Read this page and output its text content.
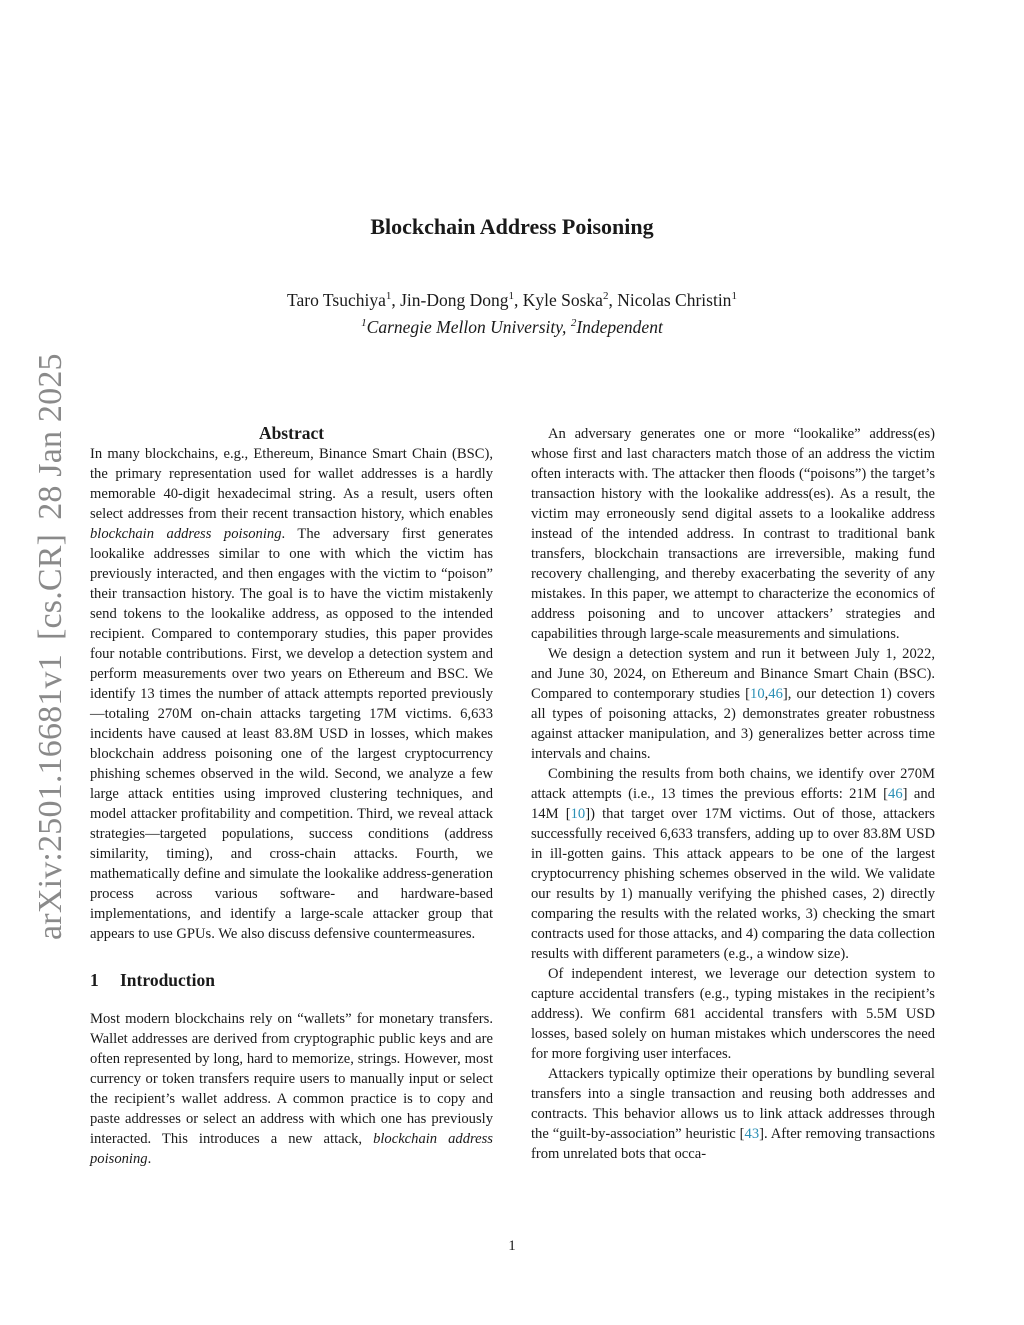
arXiv:2501.16681v1[cs.CR]28 Jan 2025
Blockchain Address Poisoning
Taro Tsuchiya$^1$, Jin-Dong Dong$^1$, Kyle Soska$^2$, Nicolas Christin$^1$
$^1$Carnegie Mellon University, $^2$Independent
Abstract

In many blockchains, e.g., Ethereum, Binance Smart Chain (BSC), the primary representation used for wallet addresses is a hardly memorable 40-digit hexadecimal string. As a result, users often select addresses from their recent transaction history, which enables blockchain address poisoning. The adversary first generates lookalike addresses similar to one with which the victim has previously interacted, and then engages with the victim to “poison” their transaction history. The goal is to have the victim mistakenly send tokens to the lookalike address, as opposed to the intended recipient. Compared to contemporary studies, this paper provides four notable contributions. First, we develop a detection system and perform measurements over two years on Ethereum and BSC. We identify 13 times the number of attack attempts reported previously—totaling 270M on-chain attacks targeting 17M victims. 6,633 incidents have caused at least 83.8M USD in losses, which makes blockchain address poisoning one of the largest cryptocurrency phishing schemes observed in the wild. Second, we analyze a few large attack entities using improved clustering techniques, and model attacker profitability and competition. Third, we reveal attack strategies—targeted populations, success conditions (address similarity, timing), and cross-chain attacks. Fourth, we mathematically define and simulate the lookalike address-generation process across various software- and hardware-based implementations, and identify a large-scale attacker group that appears to use GPUs. We also discuss defensive countermeasures.

1 Introduction

Most modern blockchains rely on “wallets” for monetary transfers. Wallet addresses are derived from cryptographic public keys and are often represented by long, hard to memorize, strings. However, most currency or token transfers require users to manually input or select the recipient’s wallet address. A common practice is to copy and paste addresses or select an address with which one has previously interacted. This introduces a new attack, blockchain address poisoning.

An adversary generates one or more “lookalike” address(es) whose first and last characters match those of an address the victim often interacts with. The attacker then floods (“poisons”) the target’s transaction history with the lookalike address(es). As a result, the victim may erroneously send digital assets to a lookalike address instead of the intended address. In contrast to traditional bank transfers, blockchain transactions are irreversible, making fund recovery challenging, and thereby exacerbating the severity of any mistakes. In this paper, we attempt to characterize the economics of address poisoning and to uncover attackers’ strategies and capabilities through large-scale measurements and simulations.

We design a detection system and run it between July 1, 2022, and June 30, 2024, on Ethereum and Binance Smart Chain (BSC). Compared to contemporary studies [10,46], our detection 1) covers all types of poisoning attacks, 2) demonstrates greater robustness against attacker manipulation, and 3) generalizes better across time intervals and chains.

Combining the results from both chains, we identify over 270M attack attempts (i.e., 13 times the previous efforts: 21M [46] and 14M [10]) that target over 17M victims. Out of those, attackers successfully received 6,633 transfers, adding up to over 83.8M USD in ill-gotten gains. This attack appears to be one of the largest cryptocurrency phishing schemes observed in the wild. We validate our results by 1) manually verifying the phished cases, 2) directly comparing the results with the related works, 3) checking the smart contracts used for those attacks, and 4) comparing the data collection results with different parameters (e.g., a window size).

Of independent interest, we leverage our detection system to capture accidental transfers (e.g., typing mistakes in the recipient’s address). We confirm 681 accidental transfers with 5.5M USD losses, based solely on human mistakes which underscores the need for more forgiving user interfaces.

Attackers typically optimize their operations by bundling several transfers into a single transaction and reusing both addresses and contracts. This behavior allows us to link attack addresses through the “guilt-by-association” heuristic [43]. After removing transactions from unrelated bots that occa-

1
